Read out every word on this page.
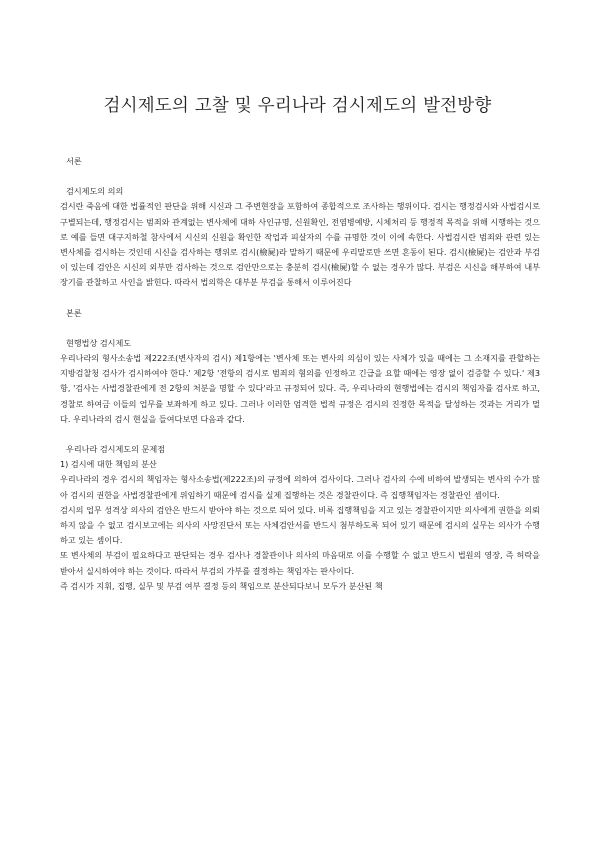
검시제도의 고찰 및 우리나라 검시제도의 발전방향
서론
검시제도의 의의

검시란 죽음에 대한 법률적인 판단을 위해 시신과 그 주변현장을 포함하여 종합적으로 조사하는 행위이다. 검시는 행정검시와 사법검시로 구별되는데, 행정검시는 범죄와 관계없는 변사체에 대하 사인규명, 신원확인, 전염병예방, 시체처리 등 행정적 목적을 위해 시행하는 것으로 예를 들면 대구지하철 참사에서 시신의 신원을 확인한 작업과 피살자의 수를 규명한 것이 이에 속한다. 사법검시란 범죄와 관련 있는 변사체를 검시하는 것인데 시신을 검사하는 행위로 검시(檢屍)라 말하기 때문에 우리말로만 쓰면 혼동이 된다. 검시(檢屍)는 검안과 부검이 있는데 검안은 시신의 외부만 검사하는 것으로 검안만으로는 충분히 검시(檢屍)할 수 없는 경우가 많다. 부검은 시신을 해부하여 내부장기를 관찰하고 사인을 밝힌다. 따라서 법의학은 대부분 부검을 통해서 이루어진다

본론
현행법상 검시제도

우리나라의 형사소송법 제222조(변사자의 검시) 제1항에는 '변사체 또는 변사의 의심이 있는 사체가 있을 때에는 그 소재지를 관할하는 지방검찰청 검사가 검시하여야 한다.' 제2항 '전항의 검시로 범죄의 혐의를 인정하고 긴급을 요할 때에는 영장 없이 검증할 수 있다.' 제3항, '검사는 사법경찰관에게 전 2항의 처분을 명할 수 있다'라고 규정되어 있다. 즉, 우리나라의 현행법에는 검시의 책임자를 검사로 하고, 경찰로 하여금 이들의 업무를 보좌하게 하고 있다. 그러나 이러한 엄격한 법적 규정은 검시의 진정한 목적을 달성하는 것과는 거리가 멀다. 우리나라의 검시 현실을 들여다보면 다음과 같다.

우리나라 검시제도의 문제점
1) 검시에 대한 책임의 분산

우리나라의 경우 검시의 책임자는 형사소송법(제222조)의 규정에 의하여 검사이다. 그러나 검사의 수에 비하여 발생되는 변사의 수가 많아 검시의 권한을 사법경찰관에게 위임하기 때문에 검시를 실제 집행하는 것은 경찰관이다. 즉 집행책임자는 경찰관인 셈이다.

검시의 업무 성격상 의사의 검안은 반드시 받아야 하는 것으로 되어 있다. 비록 집행책임을 지고 있는 경찰관이지만 의사에게 권한을 의뢰하지 않을 수 없고 검시보고에는 의사의 사망진단서 또는 사체검안서를 반드시 첨부하도록 되어 있기 때문에 검시의 실무는 의사가 수행하고 있는 셈이다.

또 변사체의 부검이 필요하다고 판단되는 경우 검사나 경찰관이나 의사의 마음대로 이를 수행할 수 없고 반드시 법원의 영장, 즉 허락을 받아서 실시하여야 하는 것이다. 따라서 부검의 가부를 결정하는 책임자는 판사이다.

즉 검시가 지휘, 집행, 실무 및 부검 여부 결정 등의 책임으로 분산되다보니 모두가 분산된 책
